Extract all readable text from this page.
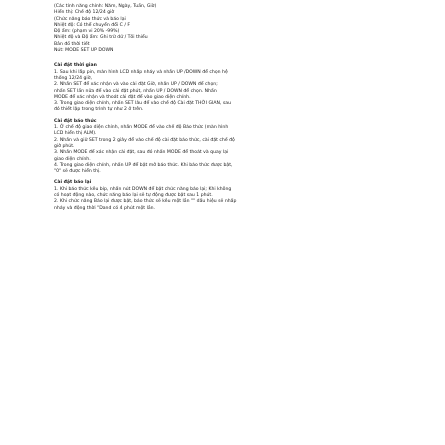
(Các tính năng chính: Năm, Ngày, Tuần, Giờ)
Hiển thị: Chế độ 12/24 giờ
(Chức năng báo thức và báo lại
Nhiệt độ: Có thể chuyển đổi C / F
Độ ẩm: (phạm vi 20% -99%)
Nhiệt độ và Độ ẩm: Ghi trữ dữ / Tối thiểu
Bản đồ thời tiết
Nút: MODE SET UP DOWN
Cài đặt thời gian
1. Sau khi lắp pin, màn hình LCD nhấp nháy và nhấn UP /DOWN để chọn hệ
thống 12/24 giờ,
2. Nhấn SET để xác nhận và vào cài đặt Giờ, nhấn UP / DOWN để chọn;
nhấn SET lần nữa để vào cài đặt phút, nhấn UP / DOWN để chọn. Nhấn
MODE để xác nhận và thoát cài đặt để vào giao diện chính.
3. Trong giao diện chính, nhấn SET lâu để vào chế độ Cài đặt THỜI GIAN, sau
đó thiết lập trong trình tự như 2 ở trên.
Cài đặt báo thức
1. Ở chế độ giao diện chính, nhấn MODE để vào chế độ Báo thức (màn hình
LCD hiển thị ALM).
2. Nhấn và giữ SET trong 2 giây để vào chế độ cài đặt báo thức, cài đặt chế độ
giờ phút.
3. Nhấn MODE để xác nhận cài đặt, sau đó nhấn MODE để thoát và quay lại
giao diện chính.
4. Trong giao diện chính, nhấn UP để bật mở báo thức. Khi báo thức được bật,
"0" sẽ được hiển thị.
Cài đặt báo lại
1. Khi báo thức kêu bíp, nhấn nút DOWN để bật chức năng báo lại; Khi không
có hoạt động nào, chức năng báo lại sẽ tự động được bật sau 1 phút.
2. Khi chức năng Báo lại được bật, báo thức sẽ kêu một lần "" dấu hiệu sẽ nhấp
nháy và động thời "Dand có 4 phút một lần.
